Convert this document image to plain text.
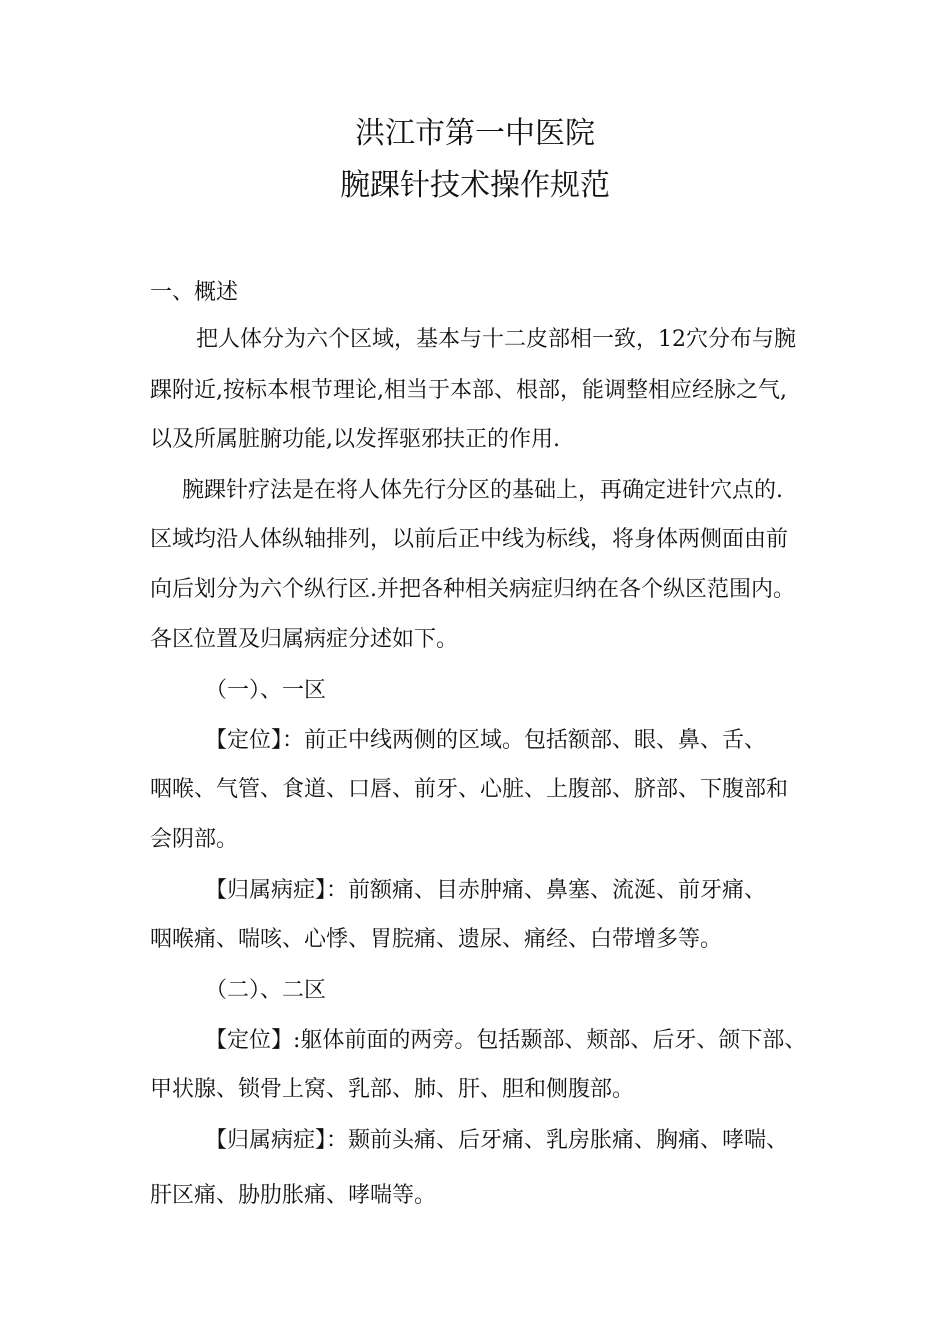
洪江市第一中医院
腕踝针技术操作规范
一、概述
把人体分为六个区域，基本与十二皮部相一致，12穴分布与腕
踝附近,按标本根节理论,相当于本部、根部，能调整相应经脉之气,
以及所属脏腑功能,以发挥驱邪扶正的作用.
腕踝针疗法是在将人体先行分区的基础上，再确定进针穴点的.
区域均沿人体纵轴排列，以前后正中线为标线，将身体两侧面由前
向后划分为六个纵行区.并把各种相关病症归纳在各个纵区范围内。
各区位置及归属病症分述如下。
（一）、一区
【定位】：前正中线两侧的区域。包括额部、眼、鼻、舌、
咽喉、气管、食道、口唇、前牙、心脏、上腹部、脐部、下腹部和
会阴部。
【归属病症】：前额痛、目赤肿痛、鼻塞、流涎、前牙痛、
咽喉痛、喘咳、心悸、胃脘痛、遗尿、痛经、白带增多等。
（二）、二区
【定位】:躯体前面的两旁。包括颞部、颊部、后牙、颌下部、
甲状腺、锁骨上窝、乳部、肺、肝、胆和侧腹部。
【归属病症】：颞前头痛、后牙痛、乳房胀痛、胸痛、哮喘、
肝区痛、胁肋胀痛、哮喘等。
